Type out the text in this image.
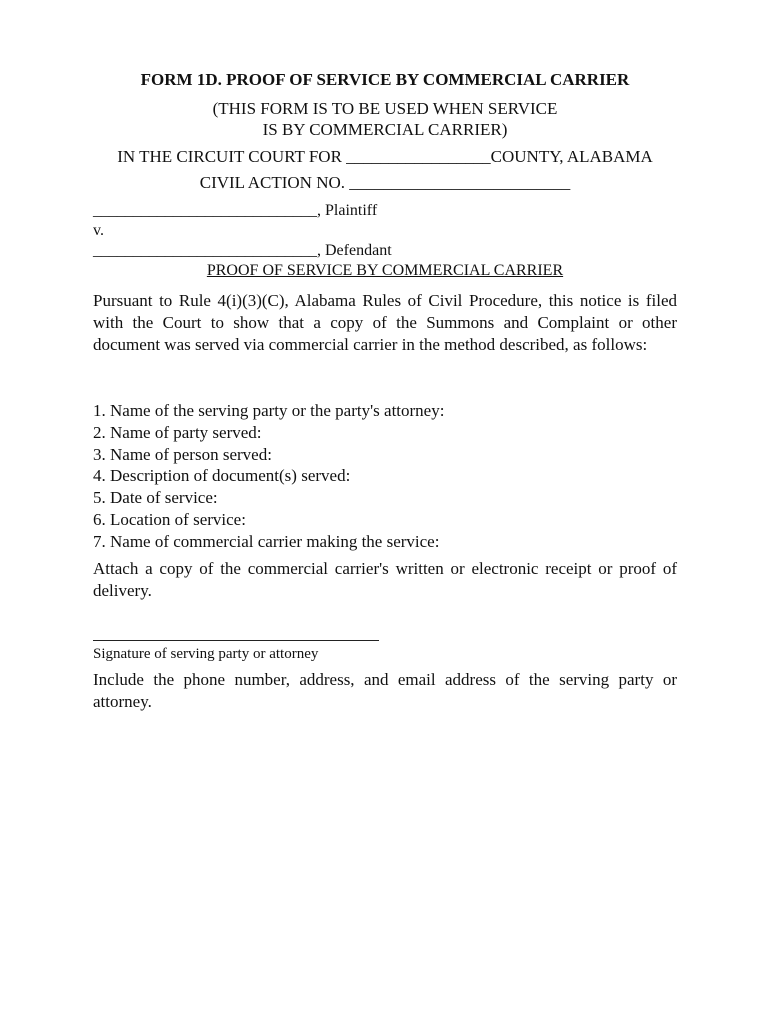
FORM 1D. PROOF OF SERVICE BY COMMERCIAL CARRIER
(THIS FORM IS TO BE USED WHEN SERVICE
IS BY COMMERCIAL CARRIER)
IN THE CIRCUIT COURT FOR _________________COUNTY, ALABAMA
CIVIL ACTION NO. __________________________
____________________________, Plaintiff
v.
____________________________, Defendant
PROOF OF SERVICE BY COMMERCIAL CARRIER
Pursuant to Rule 4(i)(3)(C), Alabama Rules of Civil Procedure, this notice is filed with the Court to show that a copy of the Summons and Complaint or other document was served via commercial carrier in the method described, as follows:
1. Name of the serving party or the party's attorney:
2. Name of party served:
3. Name of person served:
4. Description of document(s) served:
5. Date of service:
6. Location of service:
7. Name of commercial carrier making the service:
Attach a copy of the commercial carrier's written or electronic receipt or proof of delivery.
Signature of serving party or attorney
Include the phone number, address, and email address of the serving party or attorney.
